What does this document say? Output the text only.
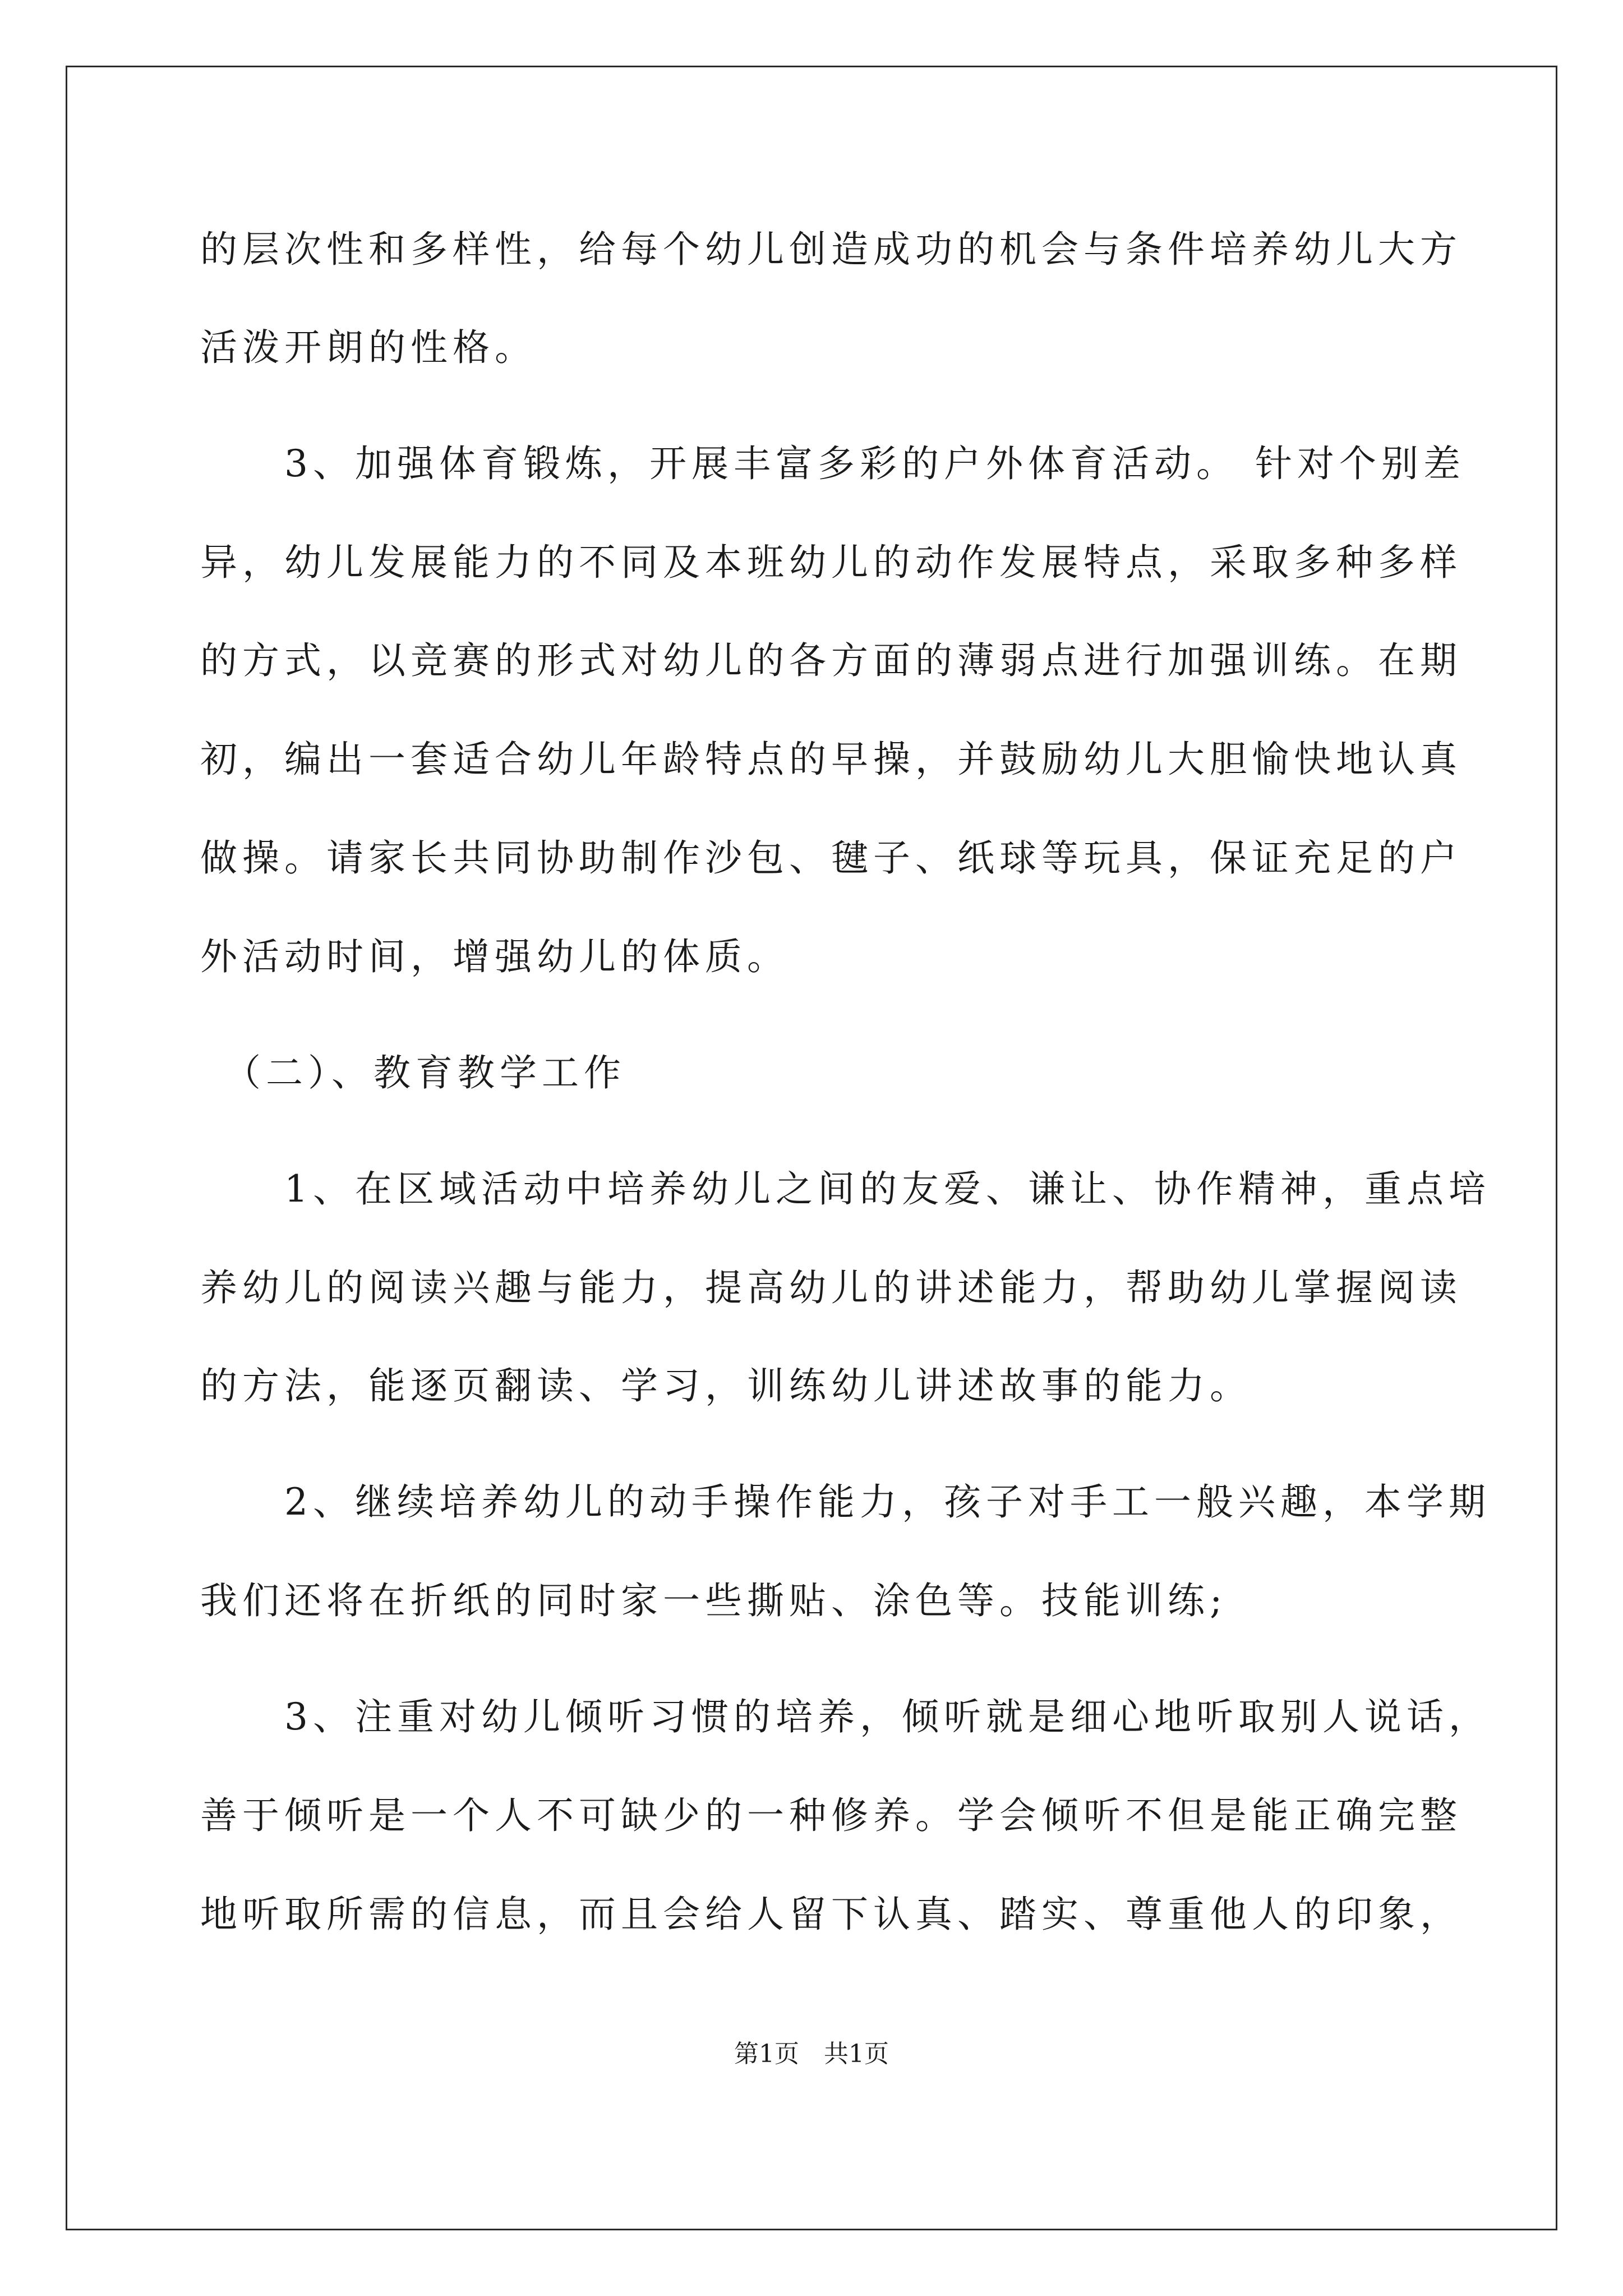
的层次性和多样性，给每个幼儿创造成功的机会与条件培养幼儿大方
活泼开朗的性格。
　　3、加强体育锻炼，开展丰富多彩的户外体育活动。 针对个别差
异，幼儿发展能力的不同及本班幼儿的动作发展特点，采取多种多样
的方式，以竞赛的形式对幼儿的各方面的薄弱点进行加强训练。在期
初，编出一套适合幼儿年龄特点的早操，并鼓励幼儿大胆愉快地认真
做操。请家长共同协助制作沙包、毽子、纸球等玩具，保证充足的户
外活动时间，增强幼儿的体质。
　（二）、教育教学工作
　　1、在区域活动中培养幼儿之间的友爱、谦让、协作精神，重点培
养幼儿的阅读兴趣与能力，提高幼儿的讲述能力，帮助幼儿掌握阅读
的方法，能逐页翻读、学习，训练幼儿讲述故事的能力。
　　2、继续培养幼儿的动手操作能力，孩子对手工一般兴趣，本学期
我们还将在折纸的同时家一些撕贴、涂色等。技能训练;
　　3、注重对幼儿倾听习惯的培养，倾听就是细心地听取别人说话，
善于倾听是一个人不可缺少的一种修养。学会倾听不但是能正确完整
地听取所需的信息，而且会给人留下认真、踏实、尊重他人的印象，
第1页　共1页
